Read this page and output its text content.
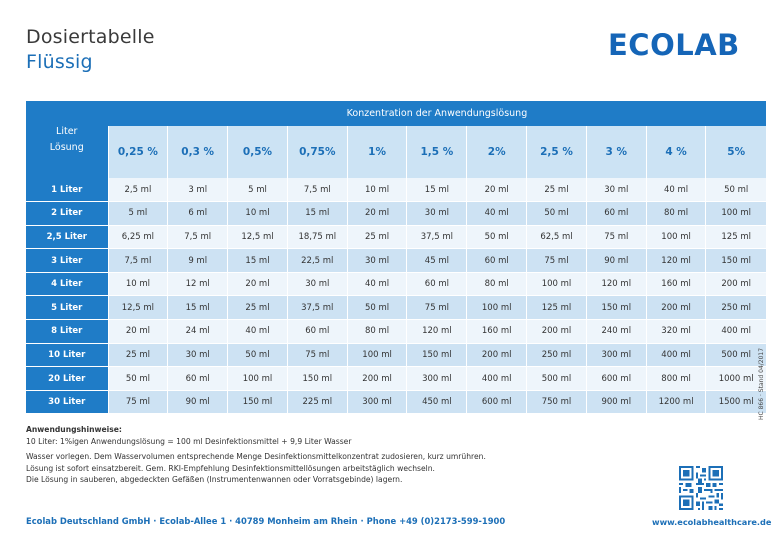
Dosiertabelle
Flüssig	ECOLAB
Liter
Lösung	Konzentration der Anwendungslösung										
	0,25 %	0,3 %	0,5%	0,75%	1%	1,5 %	2%	2,5 %	3 %	4 %	5%
1 Liter	2,5 ml	3 ml	5 ml	7,5 ml	10 ml	15 ml	20 ml	25 ml	30 ml	40 ml	50 ml
2 Liter	5 ml	6 ml	10 ml	15 ml	20 ml	30 ml	40 ml	50 ml	60 ml	80 ml	100 ml
2,5 Liter	6,25 ml	7,5 ml	12,5 ml	18,75 ml	25 ml	37,5 ml	50 ml	62,5 ml	75 ml	100 ml	125 ml
3 Liter	7,5 ml	9 ml	15 ml	22,5 ml	30 ml	45 ml	60 ml	75 ml	90 ml	120 ml	150 ml
4 Liter	10 ml	12 ml	20 ml	30 ml	40 ml	60 ml	80 ml	100 ml	120 ml	160 ml	200 ml
5 Liter	12,5 ml	15 ml	25 ml	37,5 ml	50 ml	75 ml	100 ml	125 ml	150 ml	200 ml	250 ml
8 Liter	20 ml	24 ml	40 ml	60 ml	80 ml	120 ml	160 ml	200 ml	240 ml	320 ml	400 ml
10 Liter	25 ml	30 ml	50 ml	75 ml	100 ml	150 ml	200 ml	250 ml	300 ml	400 ml	500 ml
20 Liter	50 ml	60 ml	100 ml	150 ml	200 ml	300 ml	400 ml	500 ml	600 ml	800 ml	1000 ml
30 Liter	75 ml	90 ml	150 ml	225 ml	300 ml	450 ml	600 ml	750 ml	900 ml	1200 ml	1500 ml HC 866 · Stand 04/2017

Anwendungshinweise:

10 Liter: 1%igen Anwendungslösung = 100 ml Desinfektionsmittel + 9,9 Liter Wasser

Wasser vorlegen. Dem Wasservolumen entsprechende Menge Desinfektionsmittelkonzentrat zudosieren, kurz umrühren.

Lösung ist sofort einsatzbereit. Gem. RKI-Empfehlung Desinfektionsmittellösungen arbeitstäglich wechseln.

Die Lösung in sauberen, abgedeckten Gefäßen (Instrumentenwannen oder Vorratsgebinde) lagern.

Ecolab Deutschland GmbH · Ecolab-Allee 1 · 40789 Monheim am Rhein · Phone +49 (0)2173-599-1900	www.ecolabhealthcare.de
